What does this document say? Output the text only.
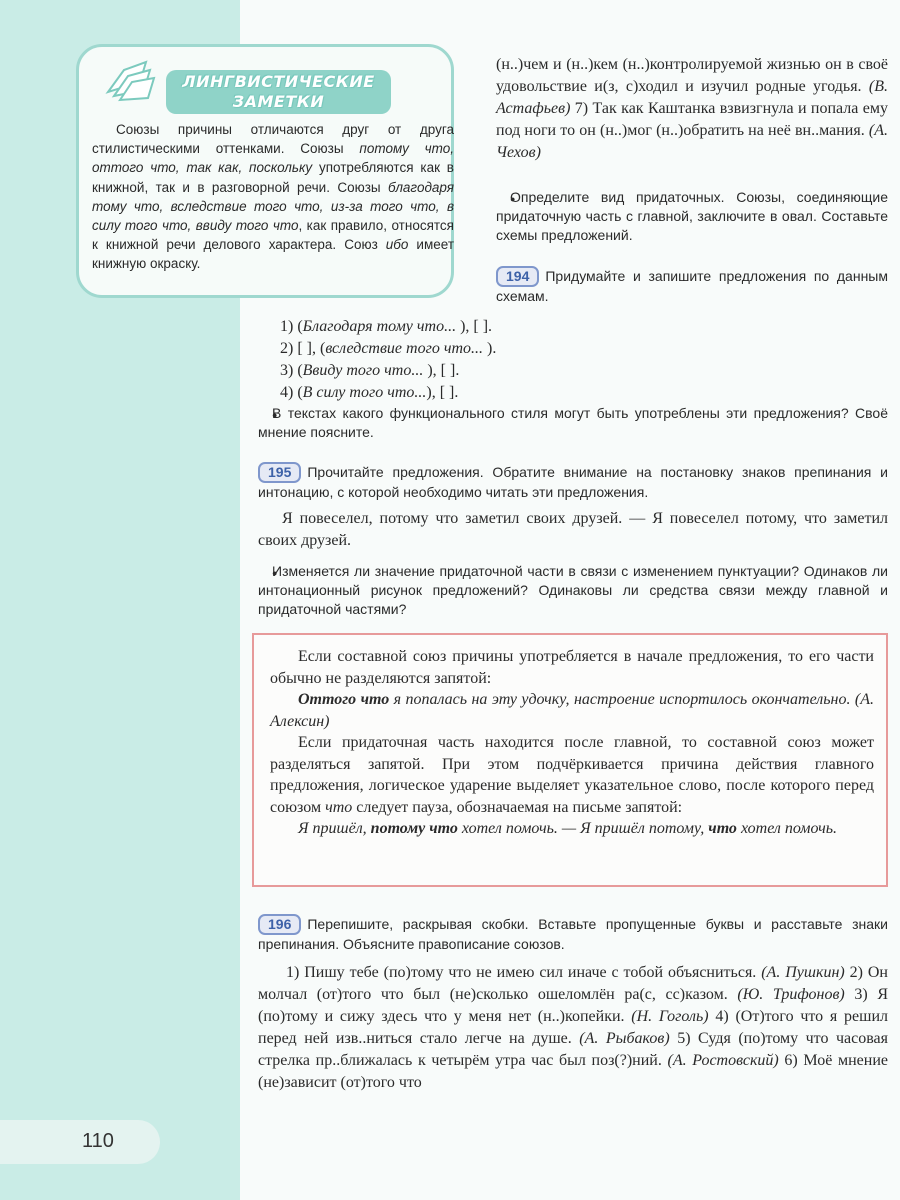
ЛИНГВИСТИЧЕСКИЕ
ЗАМЕТКИ

Союзы причины отличаются друг от друга стилистическими оттенками. Союзы потому что, оттого что, так как, поскольку употребляются как в книжной, так и в разговорной речи. Союзы благодаря тому что, вследствие того что, из-за того что, в силу того что, ввиду того что, как правило, относятся к книжной речи делового характера. Союз ибо имеет книжную окраску.

(н..)чем и (н..)кем (н..)контролируемой жизнью он в своё удовольствие и(з, с)ходил и изучил родные угодья. (В. Астафьев) 7) Так как Каштанка взвизгнула и попала ему под ноги то он (н..)мог (н..)обратить на неё вн..мания. (А. Чехов)
● Определите вид придаточных. Союзы, соединяющие придаточную часть с главной, заключите в овал. Составьте схемы предложений.
194 Придумайте и запишите предложения по данным схемам.
1) (Благодаря тому что... ), [ ].
2) [ ], (вследствие того что... ).
3) (Ввиду того что... ), [ ].
4) (В силу того что...), [ ].
● В текстах какого функционального стиля могут быть употреблены эти предложения? Своё мнение поясните.
195 Прочитайте предложения. Обратите внимание на постановку знаков препинания и интонацию, с которой необходимо читать эти предложения.
Я повеселел, потому что заметил своих друзей. — Я повеселел потому, что заметил своих друзей.
● Изменяется ли значение придаточной части в связи с изменением пунктуации? Одинаков ли интонационный рисунок предложений? Одинаковы ли средства связи между главной и придаточной частями?

Если составной союз причины употребляется в начале предложения, то его части обычно не разделяются запятой:

Оттого что я попалась на эту удочку, настроение испортилось окончательно. (А. Алексин)

Если придаточная часть находится после главной, то составной союз может разделяться запятой. При этом подчёркивается причина действия главного предложения, логическое ударение выделяет указательное слово, после которого перед союзом что следует пауза, обозначаемая на письме запятой:

Я пришёл, потому что хотел помочь. — Я пришёл потому, что хотел помочь.

196 Перепишите, раскрывая скобки. Вставьте пропущенные буквы и расставьте знаки препинания. Объясните правописание союзов.
1) Пишу тебе (по)тому что не имею сил иначе с тобой объясниться. (А. Пушкин) 2) Он молчал (от)того что был (не)сколько ошеломлён ра(с, сс)казом. (Ю. Трифонов) 3) Я (по)тому и сижу здесь что у меня нет (н..)копейки. (Н. Гоголь) 4) (От)того что я решил перед ней изв..ниться стало легче на душе. (А. Рыбаков) 5) Судя (по)тому что часовая стрелка пр..ближалась к четырём утра час был поз(?)ний. (А. Ростовский) 6) Моё мнение (не)зависит (от)того что
110
